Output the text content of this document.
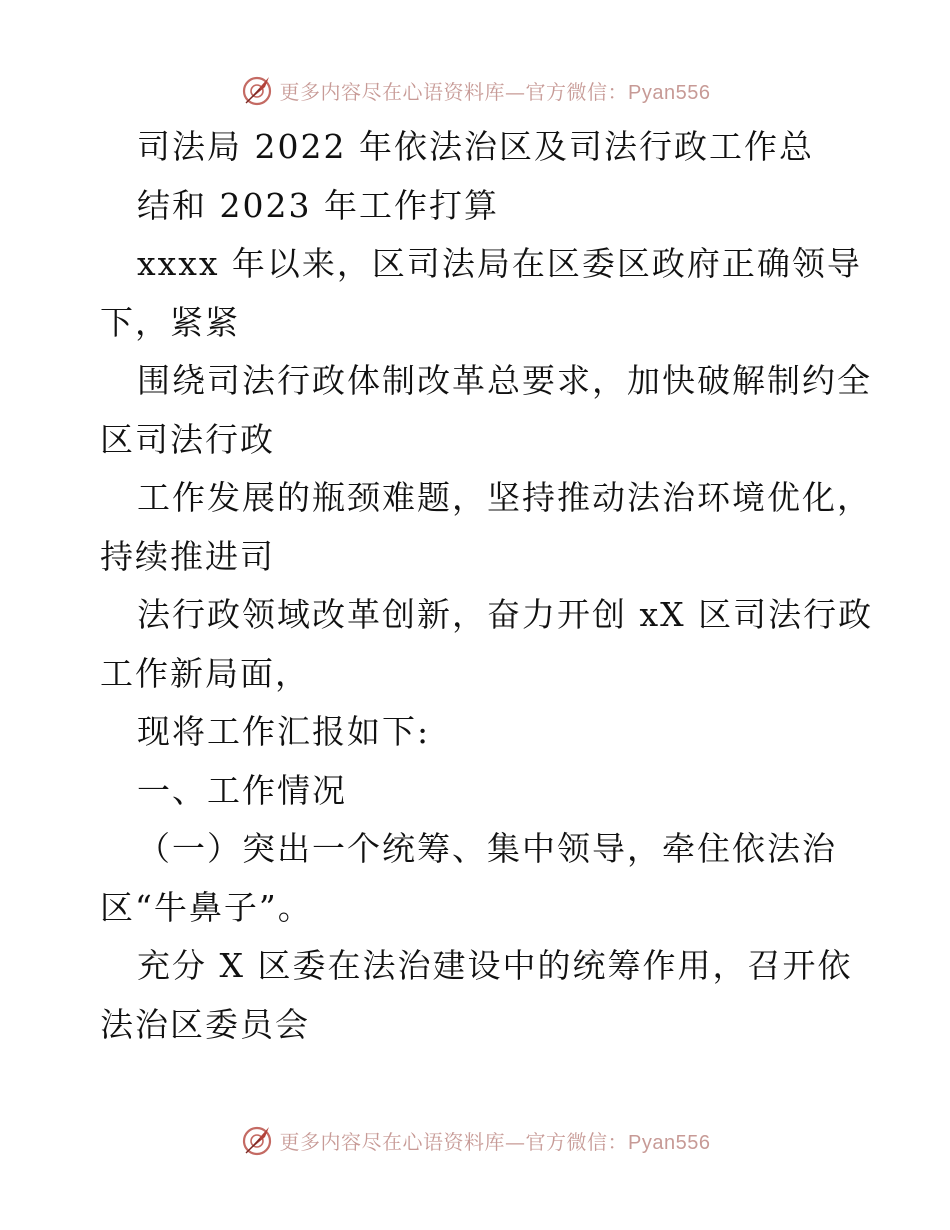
更多内容尽在心语资料库—官方微信：Pyan556
司法局 2022 年依法治区及司法行政工作总
结和 2023 年工作打算
xxxx 年以来，区司法局在区委区政府正确领导
下，紧紧
围绕司法行政体制改革总要求，加快破解制约全
区司法行政
工作发展的瓶颈难题，坚持推动法治环境优化，
持续推进司
法行政领域改革创新，奋力开创 xX 区司法行政
工作新局面，
现将工作汇报如下:
一、工作情况
（一）突出一个统筹、集中领导，牵住依法治
区“牛鼻子”。
充分 X 区委在法治建设中的统筹作用，召开依
法治区委员会
更多内容尽在心语资料库—官方微信：Pyan556
